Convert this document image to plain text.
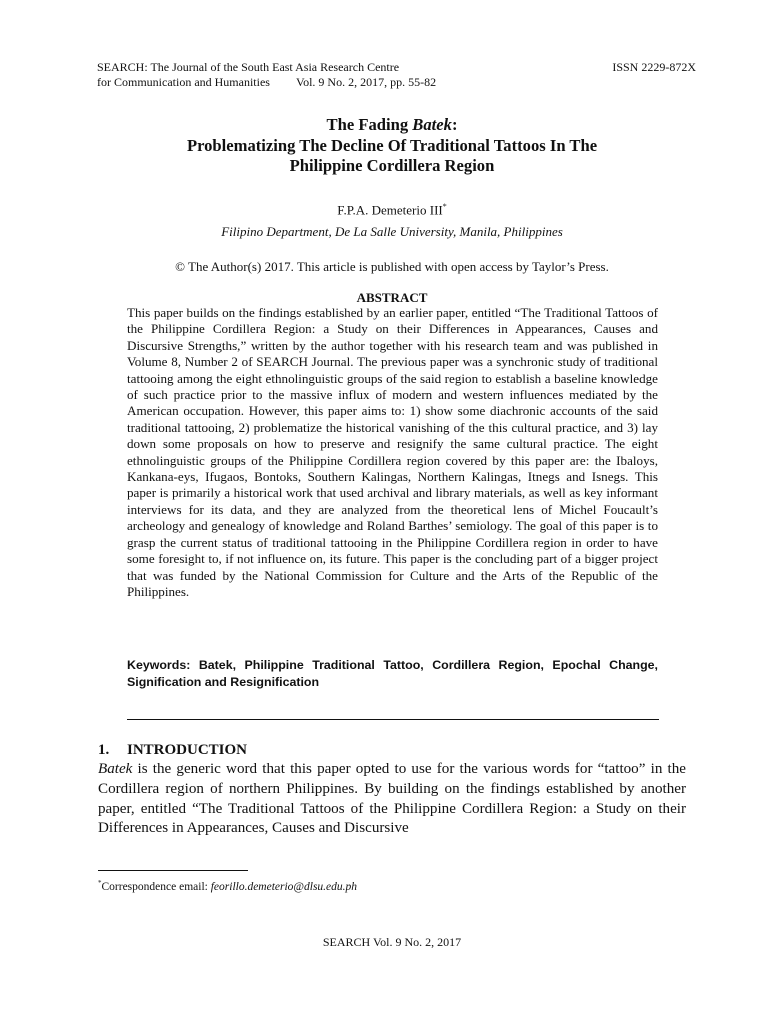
SEARCH: The Journal of the South East Asia Research Centre
for Communication and Humanities Vol. 9 No. 2, 2017, pp. 55-82
ISSN 2229-872X
The Fading Batek:
Problematizing The Decline Of Traditional Tattoos In The
Philippine Cordillera Region
F.P.A. Demeterio III*
Filipino Department, De La Salle University, Manila, Philippines
© The Author(s) 2017. This article is published with open access by Taylor’s Press.
ABSTRACT
This paper builds on the findings established by an earlier paper, entitled “The Traditional Tattoos of the Philippine Cordillera Region: a Study on their Differences in Appearances, Causes and Discursive Strengths,” written by the author together with his research team and was published in Volume 8, Number 2 of SEARCH Journal. The previous paper was a synchronic study of traditional tattooing among the eight ethnolinguistic groups of the said region to establish a baseline knowledge of such practice prior to the massive influx of modern and western influences mediated by the American occupation. However, this paper aims to: 1) show some diachronic accounts of the said traditional tattooing, 2) problematize the historical vanishing of the this cultural practice, and 3) lay down some proposals on how to preserve and resignify the same cultural practice. The eight ethnolinguistic groups of the Philippine Cordillera region covered by this paper are: the Ibaloys, Kankana-eys, Ifugaos, Bontoks, Southern Kalingas, Northern Kalingas, Itnegs and Isnegs. This paper is primarily a historical work that used archival and library materials, as well as key informant interviews for its data, and they are analyzed from the theoretical lens of Michel Foucault’s archeology and genealogy of knowledge and Roland Barthes’ semiology. The goal of this paper is to grasp the current status of traditional tattooing in the Philippine Cordillera region in order to have some foresight to, if not influence on, its future. This paper is the concluding part of a bigger project that was funded by the National Commission for Culture and the Arts of the Republic of the Philippines.
Keywords: Batek, Philippine Traditional Tattoo, Cordillera Region, Epochal Change, Signification and Resignification
1. INTRODUCTION
Batek is the generic word that this paper opted to use for the various words for “tattoo” in the Cordillera region of northern Philippines. By building on the findings established by another paper, entitled “The Traditional Tattoos of the Philippine Cordillera Region: a Study on their Differences in Appearances, Causes and Discursive
*Correspondence email: feorillo.demeterio@dlsu.edu.ph
SEARCH Vol. 9 No. 2, 2017
